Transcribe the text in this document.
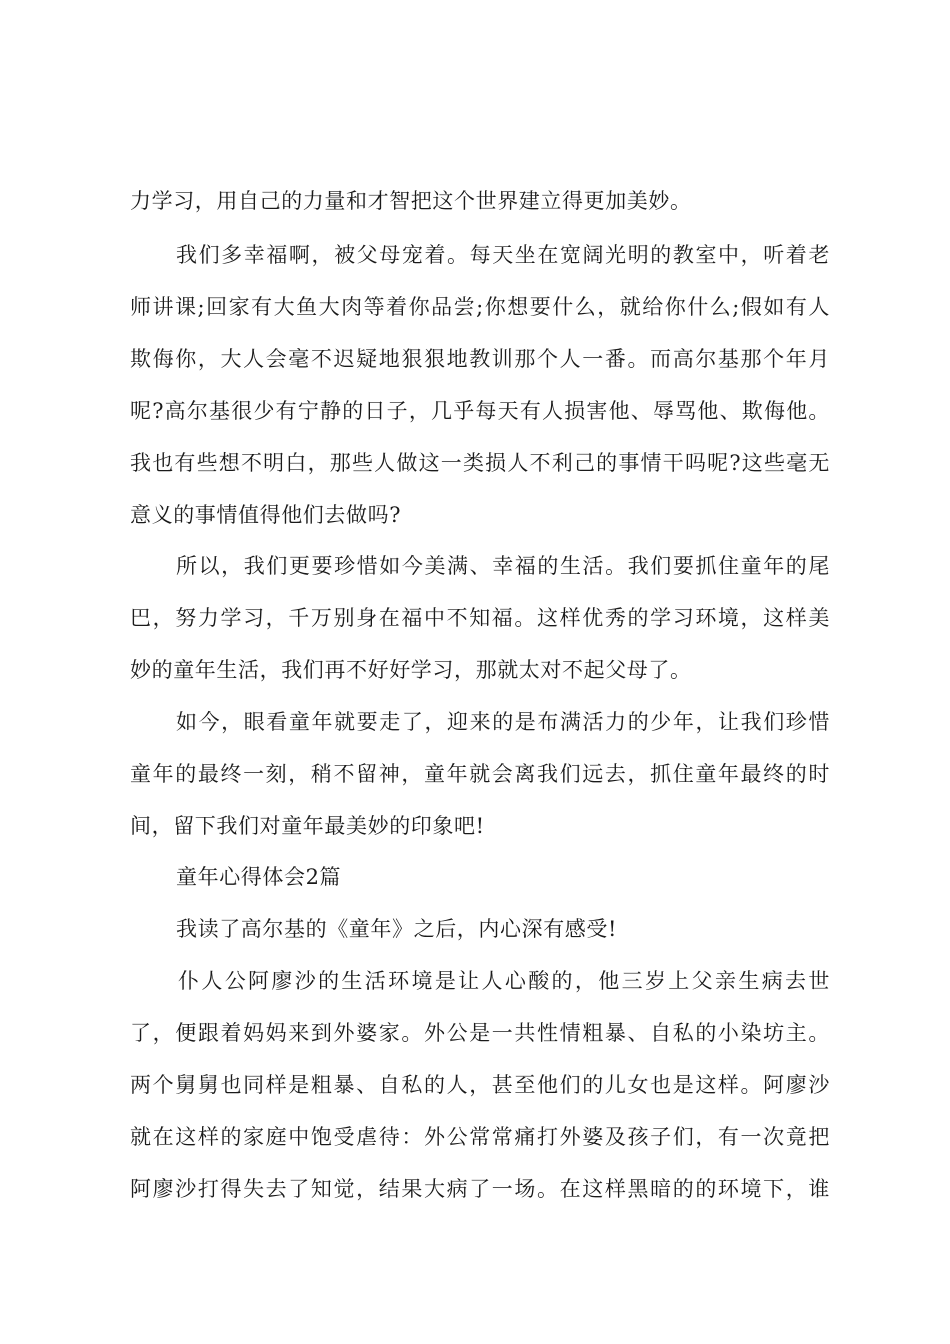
力学习，用自己的力量和才智把这个世界建立得更加美妙。
我们多幸福啊，被父母宠着。每天坐在宽阔光明的教室中，听着老
师讲课;回家有大鱼大肉等着你品尝;你想要什么，就给你什么;假如有人
欺侮你，大人会毫不迟疑地狠狠地教训那个人一番。而高尔基那个年月
呢?高尔基很少有宁静的日子，几乎每天有人损害他、辱骂他、欺侮他。
我也有些想不明白，那些人做这一类损人不利己的事情干吗呢?这些毫无
意义的事情值得他们去做吗?
所以，我们更要珍惜如今美满、幸福的生活。我们要抓住童年的尾
巴，努力学习，千万别身在福中不知福。这样优秀的学习环境，这样美
妙的童年生活，我们再不好好学习，那就太对不起父母了。
如今，眼看童年就要走了，迎来的是布满活力的少年，让我们珍惜
童年的最终一刻，稍不留神，童年就会离我们远去，抓住童年最终的时
间，留下我们对童年最美妙的印象吧!
童年心得体会2篇
我读了高尔基的《童年》之后，内心深有感受!
仆人公阿廖沙的生活环境是让人心酸的，他三岁上父亲生病去世
了，便跟着妈妈来到外婆家。外公是一共性情粗暴、自私的小染坊主。
两个舅舅也同样是粗暴、自私的人，甚至他们的儿女也是这样。阿廖沙
就在这样的家庭中饱受虐待：外公常常痛打外婆及孩子们，有一次竟把
阿廖沙打得失去了知觉，结果大病了一场。在这样黑暗的的环境下，谁
